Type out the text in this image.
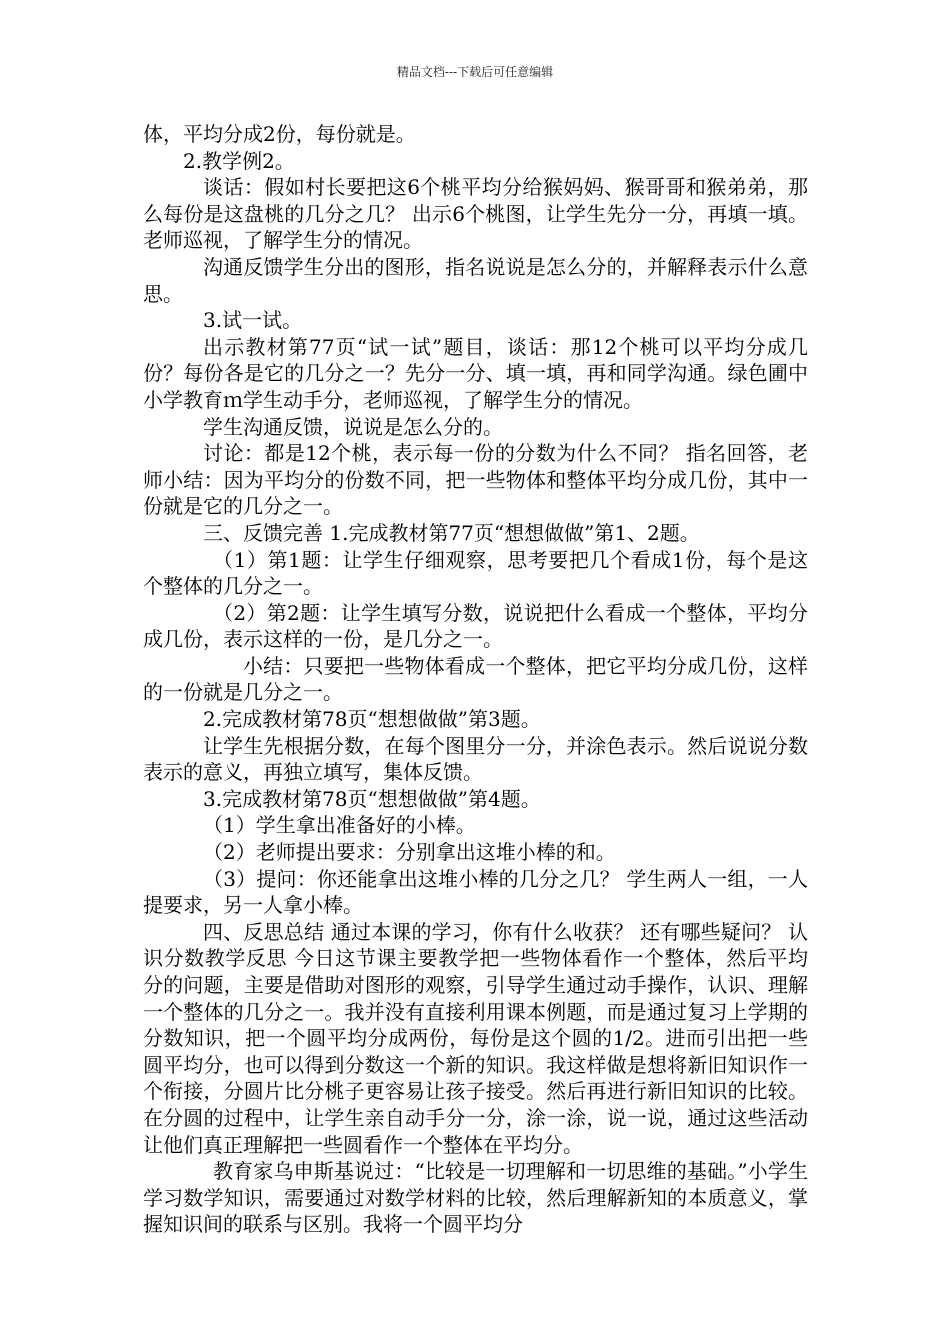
精品文档---下载后可任意编辑

体，平均分成2份，每份就是。

2.教学例2。

谈话：假如村长要把这6个桃平均分给猴妈妈、猴哥哥和猴弟弟，那么每份是这盘桃的几分之几？ 出示6个桃图，让学生先分一分，再填一填。老师巡视，了解学生分的情况。

沟通反馈学生分出的图形，指名说说是怎么分的，并解释表示什么意思。

3.试一试。

出示教材第77页“试一试”题目，谈话：那12个桃可以平均分成几份？每份各是它的几分之一？先分一分、填一填，再和同学沟通。绿色圃中小学教育ｍ学生动手分，老师巡视，了解学生分的情况。

学生沟通反馈，说说是怎么分的。

讨论：都是12个桃，表示每一份的分数为什么不同？ 指名回答，老师小结：因为平均分的份数不同，把一些物体和整体平均分成几份，其中一份就是它的几分之一。

三、反馈完善 1.完成教材第77页“想想做做”第1、2题。

（1）第1题：让学生仔细观察，思考要把几个看成1份，每个是这个整体的几分之一。

（2）第2题：让学生填写分数，说说把什么看成一个整体，平均分成几份，表示这样的一份，是几分之一。

小结：只要把一些物体看成一个整体，把它平均分成几份，这样的一份就是几分之一。

2.完成教材第78页“想想做做”第3题。

让学生先根据分数，在每个图里分一分，并涂色表示。然后说说分数表示的意义，再独立填写，集体反馈。

3.完成教材第78页“想想做做”第4题。

（1）学生拿出准备好的小棒。

（2）老师提出要求：分别拿出这堆小棒的和。

（3）提问：你还能拿出这堆小棒的几分之几？ 学生两人一组，一人提要求，另一人拿小棒。

四、反思总结 通过本课的学习，你有什么收获？ 还有哪些疑问？ 认识分数教学反思 今日这节课主要教学把一些物体看作一个整体，然后平均分的问题，主要是借助对图形的观察，引导学生通过动手操作，认识、理解一个整体的几分之一。我并没有直接利用课本例题，而是通过复习上学期的分数知识，把一个圆平均分成两份，每份是这个圆的1/2。进而引出把一些圆平均分，也可以得到分数这一个新的知识。我这样做是想将新旧知识作一个衔接，分圆片比分桃子更容易让孩子接受。然后再进行新旧知识的比较。在分圆的过程中，让学生亲自动手分一分，涂一涂，说一说，通过这些活动让他们真正理解把一些圆看作一个整体在平均分。

教育家乌申斯基说过：“比较是一切理解和一切思维的基础。”小学生学习数学知识，需要通过对数学材料的比较，然后理解新知的本质意义，掌握知识间的联系与区别。我将一个圆平均分
